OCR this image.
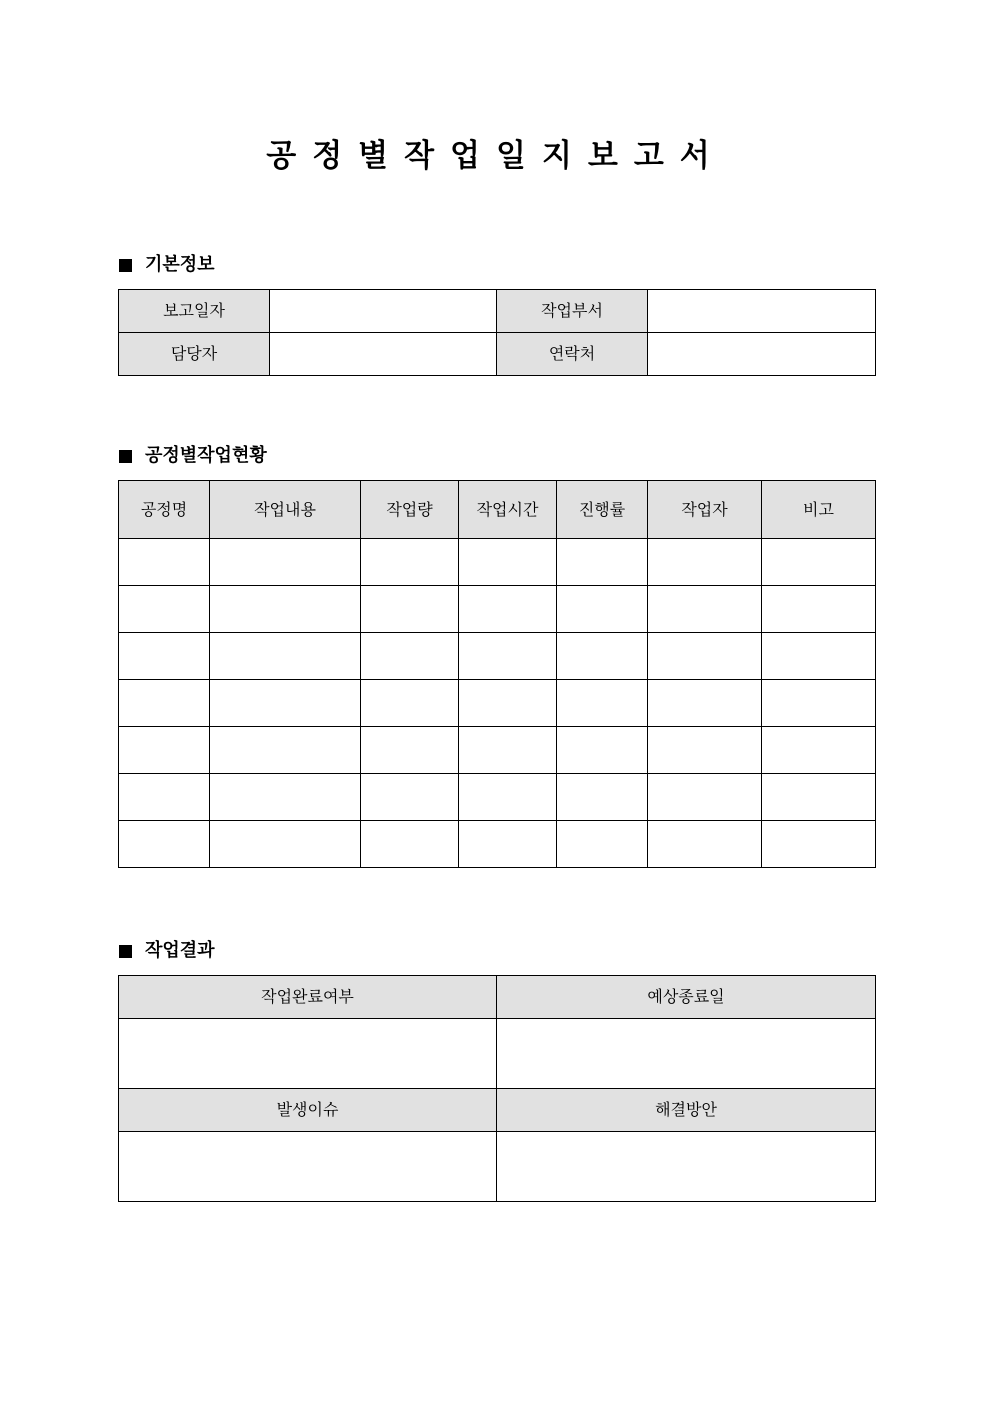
공정별작업일지보고서
기본정보
보고일자		작업부서	
담당자		연락처	
공정별작업현황
공정명	작업내용	작업량	작업시간	진행률	작업자	비고

작업결과
작업완료여부	예상종료일

발생이슈	해결방안
